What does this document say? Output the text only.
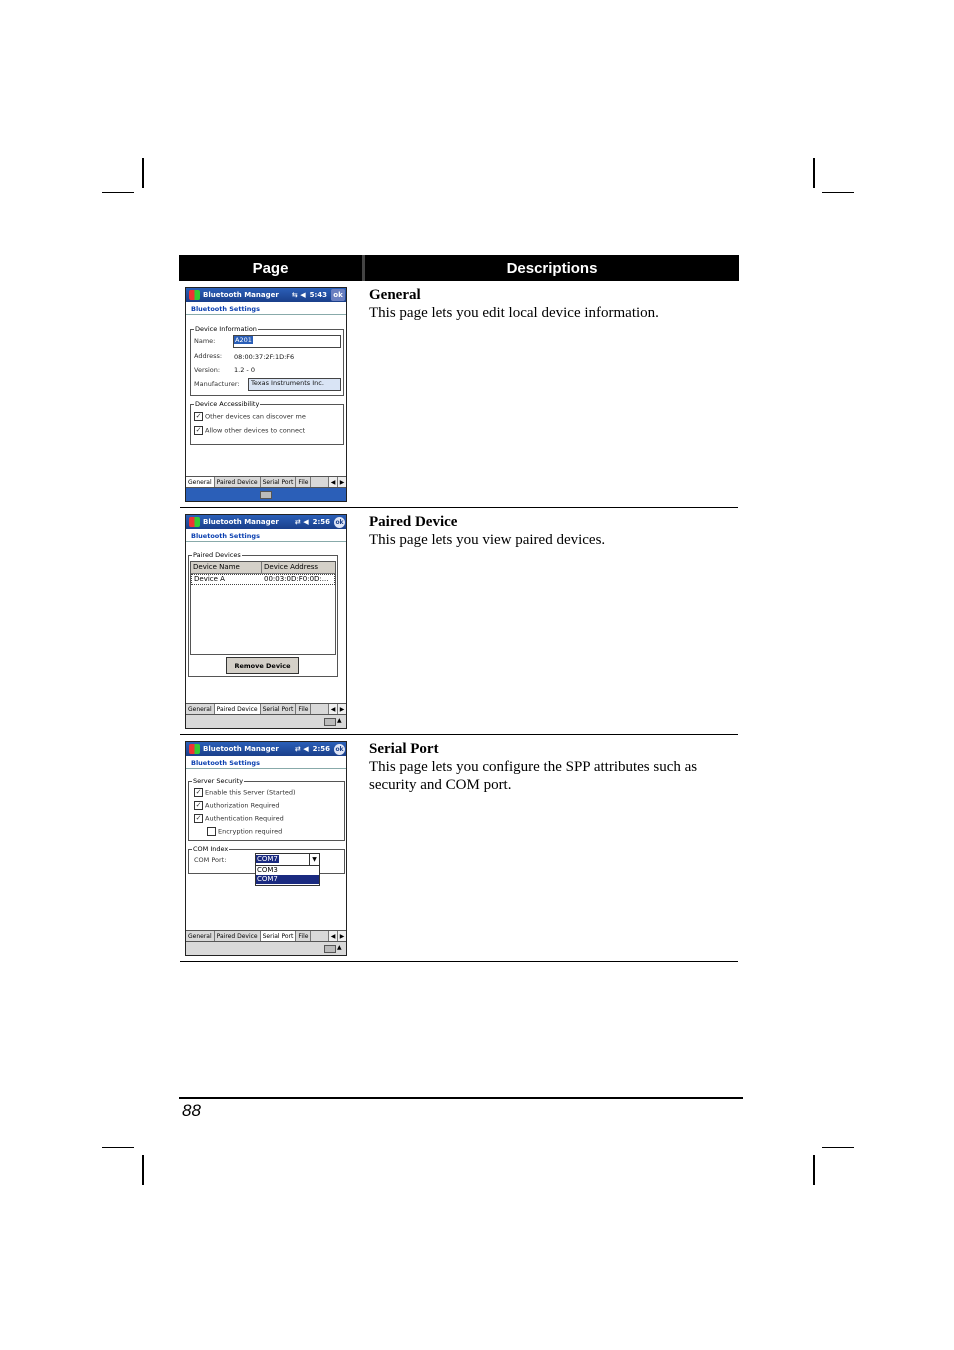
Page	Descriptions
Bluetooth Manager	⇆ ◀ 5:43 ok
Bluetooth Settings
Device Information
Name:	A201
Address: 08:00:37:2F:1D:F6
Version: 1.2 - 0
Manufacturer:	Texas Instruments Inc.
Device Accessibility
✓ Other devices can discover me
✓ Allow other devices to connect
General Paired Device Serial Port File	◀ ▶
General
This page lets you edit local device information.
Bluetooth Manager	⇄ ◀ 2:56 ok
Bluetooth Settings
Paired Devices
Device Name	Device Address
Device A	00:03:0D:F0:0D:...
Remove Device
General Paired Device Serial Port File	◀ ▶
▲
Paired Device
This page lets you view paired devices.
Bluetooth Manager	⇄ ◀ 2:56 ok
Bluetooth Settings
Server Security
✓ Enable this Server (Started)
✓ Authorization Required
✓ Authentication Required
Encryption required
COM Index
COM Port:	COM7	▼
COM3
COM7
General Paired Device Serial Port File	◀ ▶
▲
Serial Port
This page lets you configure the SPP attributes such as security and COM port.
88
